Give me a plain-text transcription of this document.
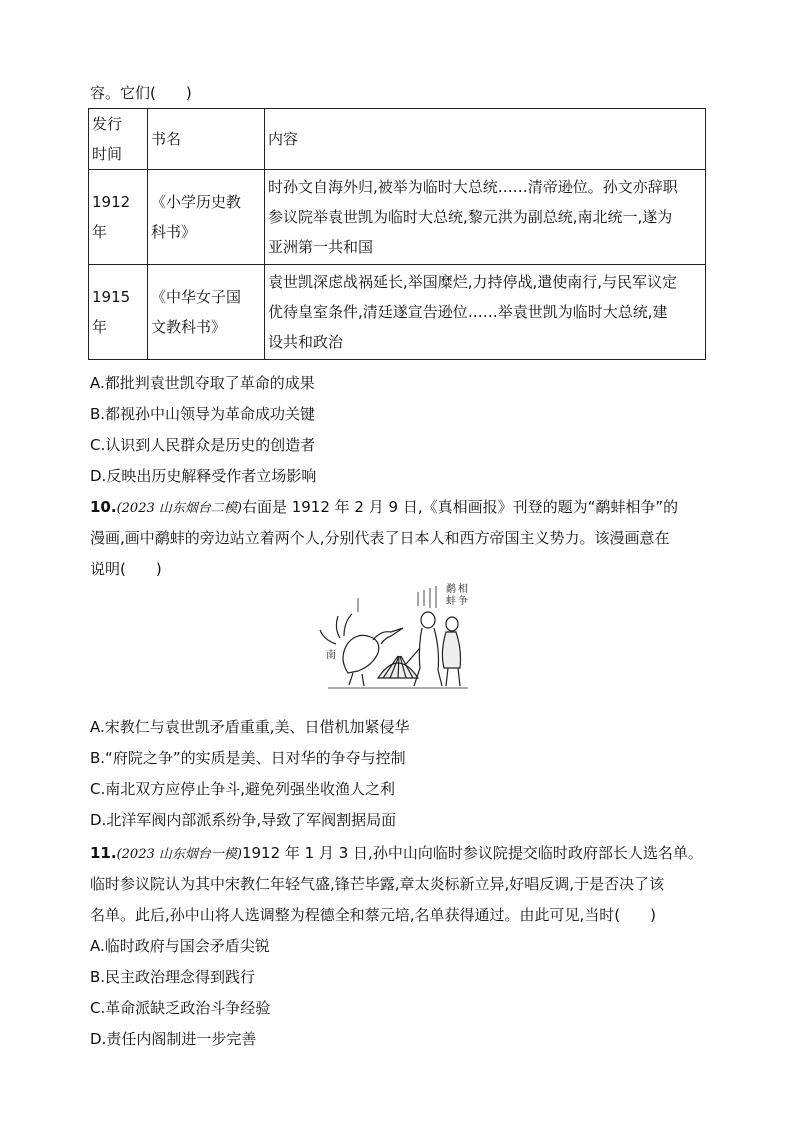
容。它们(　　)
发行
时间	书名	内容

1912
年	《小学历史教
科书》	时孙文自海外归,被举为临时大总统……清帝逊位。孙文亦辞职
参议院举袁世凯为临时大总统,黎元洪为副总统,南北统一,遂为
亚洲第一共和国

1915
年	《中华女子国
文教科书》	袁世凯深虑战祸延长,举国糜烂,力持停战,遣使南行,与民军议定
优待皇室条件,清廷遂宣告逊位……举袁世凯为临时大总统,建
设共和政治
A.都批判袁世凯夺取了革命的成果
B.都视孙中山领导为革命成功关键
C.认识到人民群众是历史的创造者
D.反映出历史解释受作者立场影响
10.(2023 山东烟台二模)右面是 1912 年 2 月 9 日,《真相画报》刊登的题为“鹬蚌相争”的
漫画,画中鹬蚌的旁边站立着两个人,分别代表了日本人和西方帝国主义势力。该漫画意在
说明(　　)
鹬
蚌
相
争
南
A.宋教仁与袁世凯矛盾重重,美、日借机加紧侵华
B.“府院之争”的实质是美、日对华的争夺与控制
C.南北双方应停止争斗,避免列强坐收渔人之利
D.北洋军阀内部派系纷争,导致了军阀割据局面
11.(2023 山东烟台一模)1912 年 1 月 3 日,孙中山向临时参议院提交临时政府部长人选名单。
临时参议院认为其中宋教仁年轻气盛,锋芒毕露,章太炎标新立异,好唱反调,于是否决了该
名单。此后,孙中山将人选调整为程德全和蔡元培,名单获得通过。由此可见,当时(　　)
A.临时政府与国会矛盾尖锐
B.民主政治理念得到践行
C.革命派缺乏政治斗争经验
D.责任内阁制进一步完善
